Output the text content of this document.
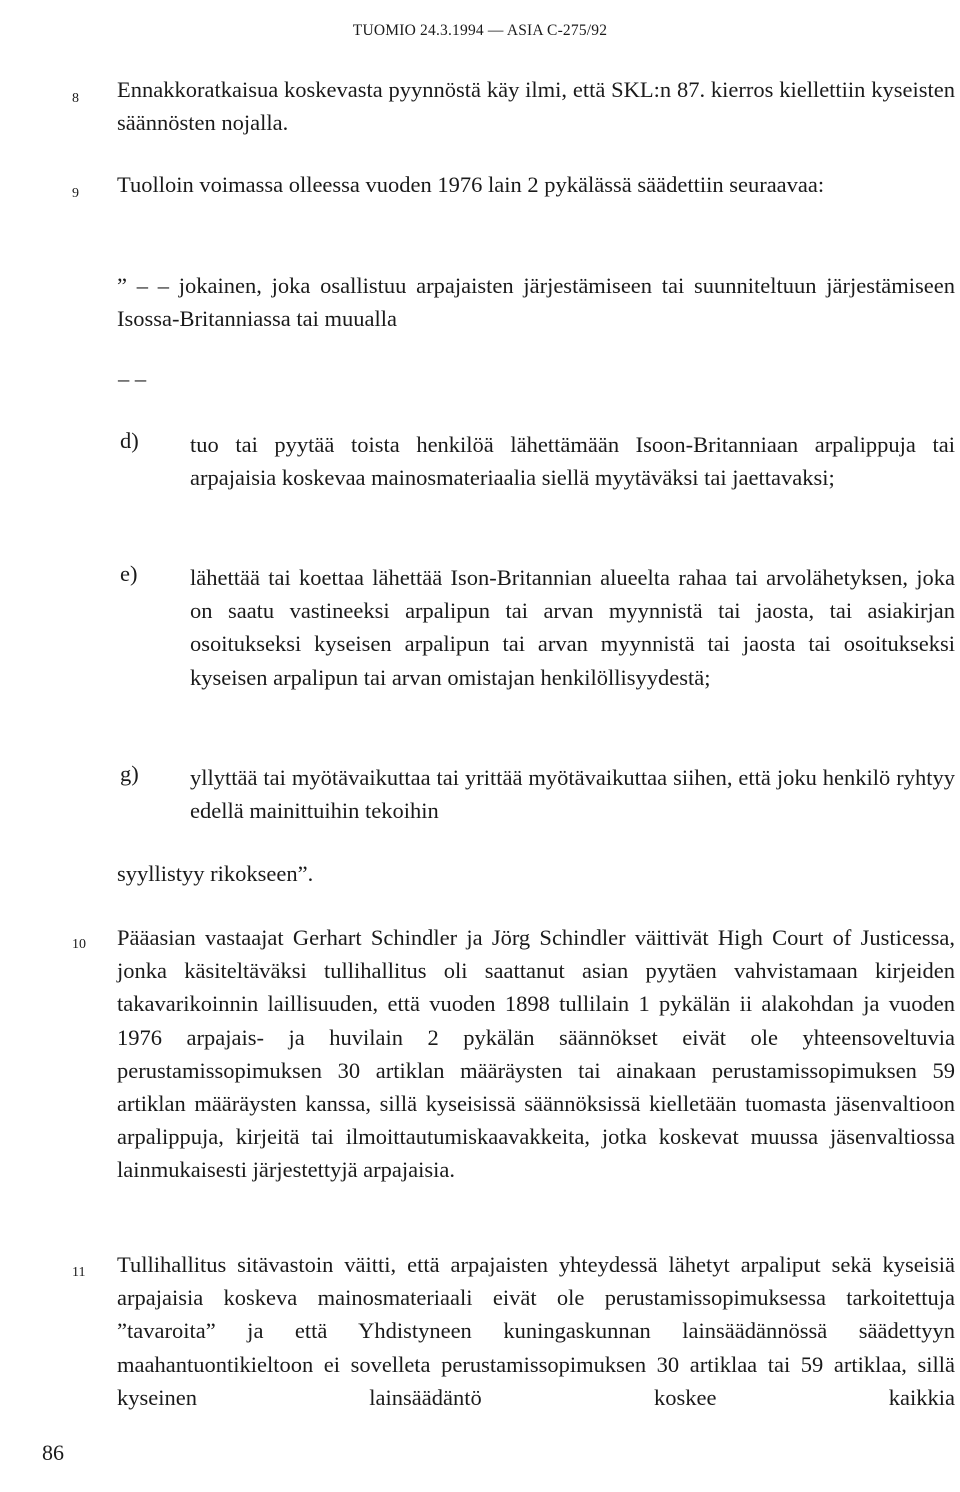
TUOMIO 24.3.1994 — ASIA C-275/92
8	Ennakkoratkaisua koskevasta pyynnöstä käy ilmi, että SKL:n 87. kierros kiellettiin kyseisten säännösten nojalla.

9	Tuolloin voimassa olleessa vuoden 1976 lain 2 pykälässä säädettiin seuraavaa:

” – – jokainen, joka osallistuu arpajaisten järjestämiseen tai suunniteltuun järjestämiseen Isossa-Britanniassa tai muualla

– –
d) tuo tai pyytää toista henkilöä lähettämään Isoon-Britanniaan arpalippuja tai arpajaisia koskevaa mainosmateriaalia siellä myytäväksi tai jaettavaksi;

e) lähettää tai koettaa lähettää Ison-Britannian alueelta rahaa tai arvolähetyksen, joka on saatu vastineeksi arpalipun tai arvan myynnistä tai jaosta, tai asiakirjan osoitukseksi kyseisen arpalipun tai arvan myynnistä tai jaosta tai osoitukseksi kyseisen arpalipun tai arvan omistajan henkilöllisyydestä;

g) yllyttää tai myötävaikuttaa tai yrittää myötävaikuttaa siihen, että joku henkilö ryhtyy edellä mainittuihin tekoihin

syyllistyy rikokseen”.

10	Pääasian vastaajat Gerhart Schindler ja Jörg Schindler väittivät High Court of Justicessa, jonka käsiteltäväksi tullihallitus oli saattanut asian pyytäen vahvistamaan kirjeiden takavarikoinnin laillisuuden, että vuoden 1898 tullilain 1 pykälän ii alakohdan ja vuoden 1976 arpajais- ja huvilain 2 pykälän säännökset eivät ole yhteensoveltuvia perustamissopimuksen 30 artiklan määräysten tai ainakaan perustamissopimuksen 59 artiklan määräysten kanssa, sillä kyseisissä säännöksissä kielletään tuomasta jäsenvaltioon arpalippuja, kirjeitä tai ilmoittautumiskaavakkeita, jotka koskevat muussa jäsenvaltiossa lainmukaisesti järjestettyjä arpajaisia.

11	Tullihallitus sitävastoin väitti, että arpajaisten yhteydessä lähetyt arpaliput sekä kyseisiä arpajaisia koskeva mainosmateriaali eivät ole perustamissopimuksessa tarkoitettuja ”tavaroita” ja että Yhdistyneen kuningaskunnan lainsäädännössä säädettyyn maahantuontikieltoon ei sovelleta perustamissopimuksen 30 artiklaa tai 59 artiklaa, sillä kyseinen lainsäädäntö koskee kaikkia

86
